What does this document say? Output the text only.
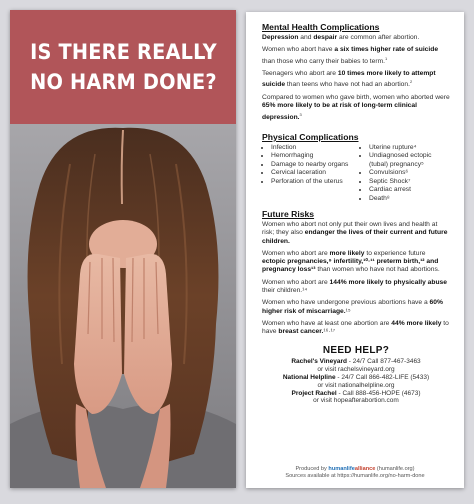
IS THERE REALLY
NO HARM DONE?
Mental Health Complications

Depression and despair are common after abortion.

Women who abort have a six times higher rate of suicide than those who carry their babies to term.$^1$

Teenagers who abort are 10 times more likely to attempt suicide than teens who have not had an abortion.$^2$

Compared to women who gave birth, women who aborted were 65% more likely to be at risk of long-term clinical depression.$^3$

Physical Complications
• Infection
• Hemorrhaging
• Damage to nearby organs
• Cervical laceration
• Perforation of the uterus
• Uterine rupture⁴
• Undiagnosed ectopic (tubal) pregnancy⁵
• Convulsions⁶
• Septic Shock⁷
• Cardiac arrest
• Death⁸
Future Risks

Women who abort not only put their own lives and health at risk; they also endanger the lives of their current and future children.

Women who abort are more likely to experience future ectopic pregnancies,⁹ infertility,¹⁰·¹¹ preterm birth,¹² and pregnancy loss¹³ than women who have not had abortions.

Women who abort are 144% more likely to physically abuse their children.¹⁴

Women who have undergone previous abortions have a 60% higher risk of miscarriage.¹⁵

Women who have at least one abortion are 44% more likely to have breast cancer.¹⁶·¹⁷

NEED HELP?
Rachel's Vineyard - 24/7 Call 877-467-3463
or visit rachelsvineyard.org
National Helpline - 24/7 Call 866-482-LIFE (5433)
or visit nationalhelpline.org
Project Rachel - Call 888-456-HOPE (4673)
or visit hopeafterabortion.com
Produced by humanlifealliance (humanlife.org)
Sources available at https://humanlife.org/no-harm-done
